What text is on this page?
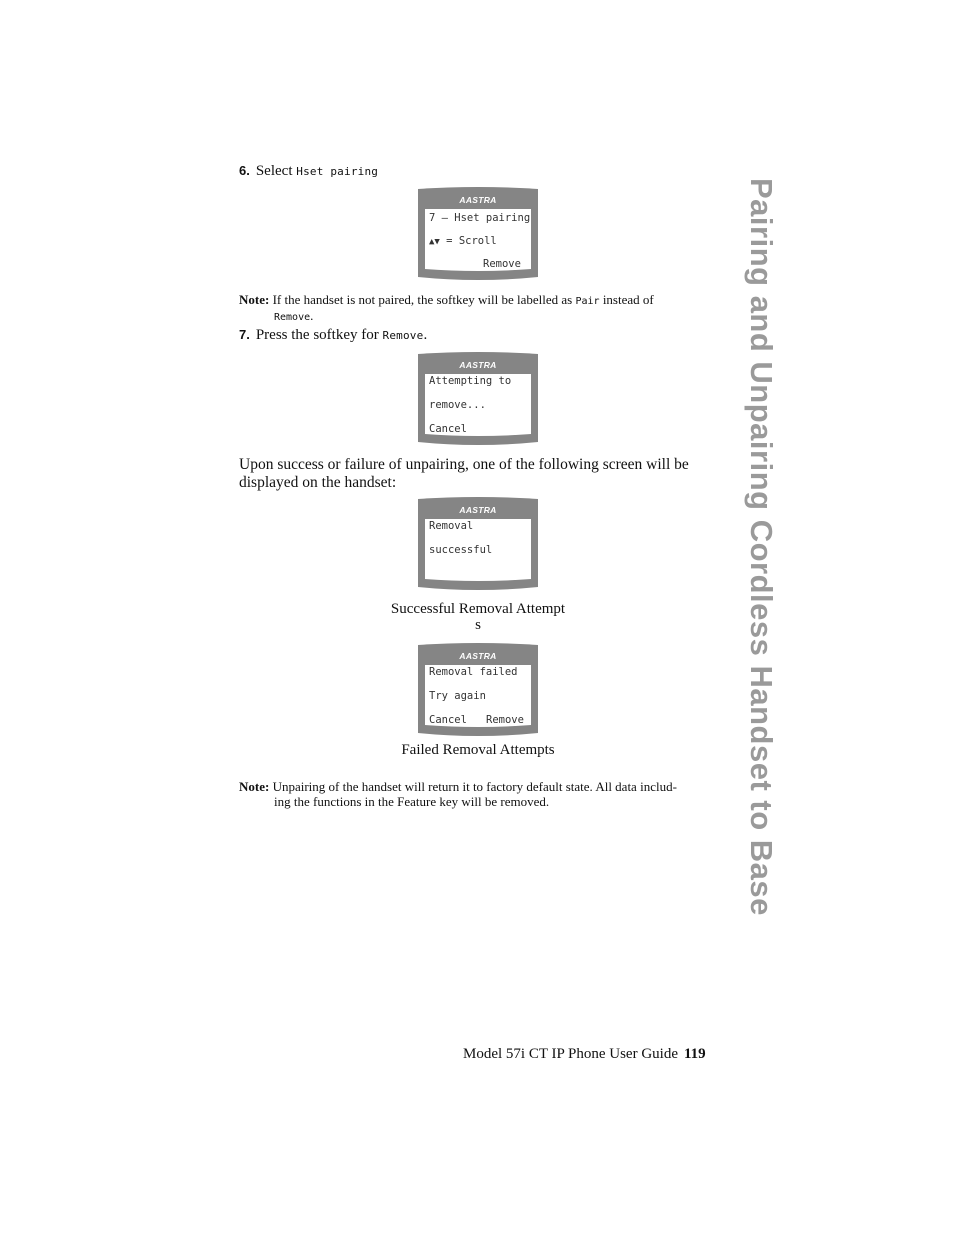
Pairing and Unpairing Cordless Handset to Base
6. Select Hset pairing
AASTRA
7 – Hset pairing
▲▼ = Scroll
Remove
Note: If the handset is not paired, the softkey will be labelled as Pair instead of
Remove.
7. Press the softkey for Remove.
AASTRA
Attempting to
remove...
Cancel
Upon success or failure of unpairing, one of the following screen will be
displayed on the handset:
AASTRA
Removal
successful
Successful Removal Attempt
s
AASTRA
Removal failed
Try again
Cancel Remove
Failed Removal Attempts
Note: Unpairing of the handset will return it to factory default state. All data includ-
ing the functions in the Feature key will be removed.
Model 57i CT IP Phone User Guide 119
